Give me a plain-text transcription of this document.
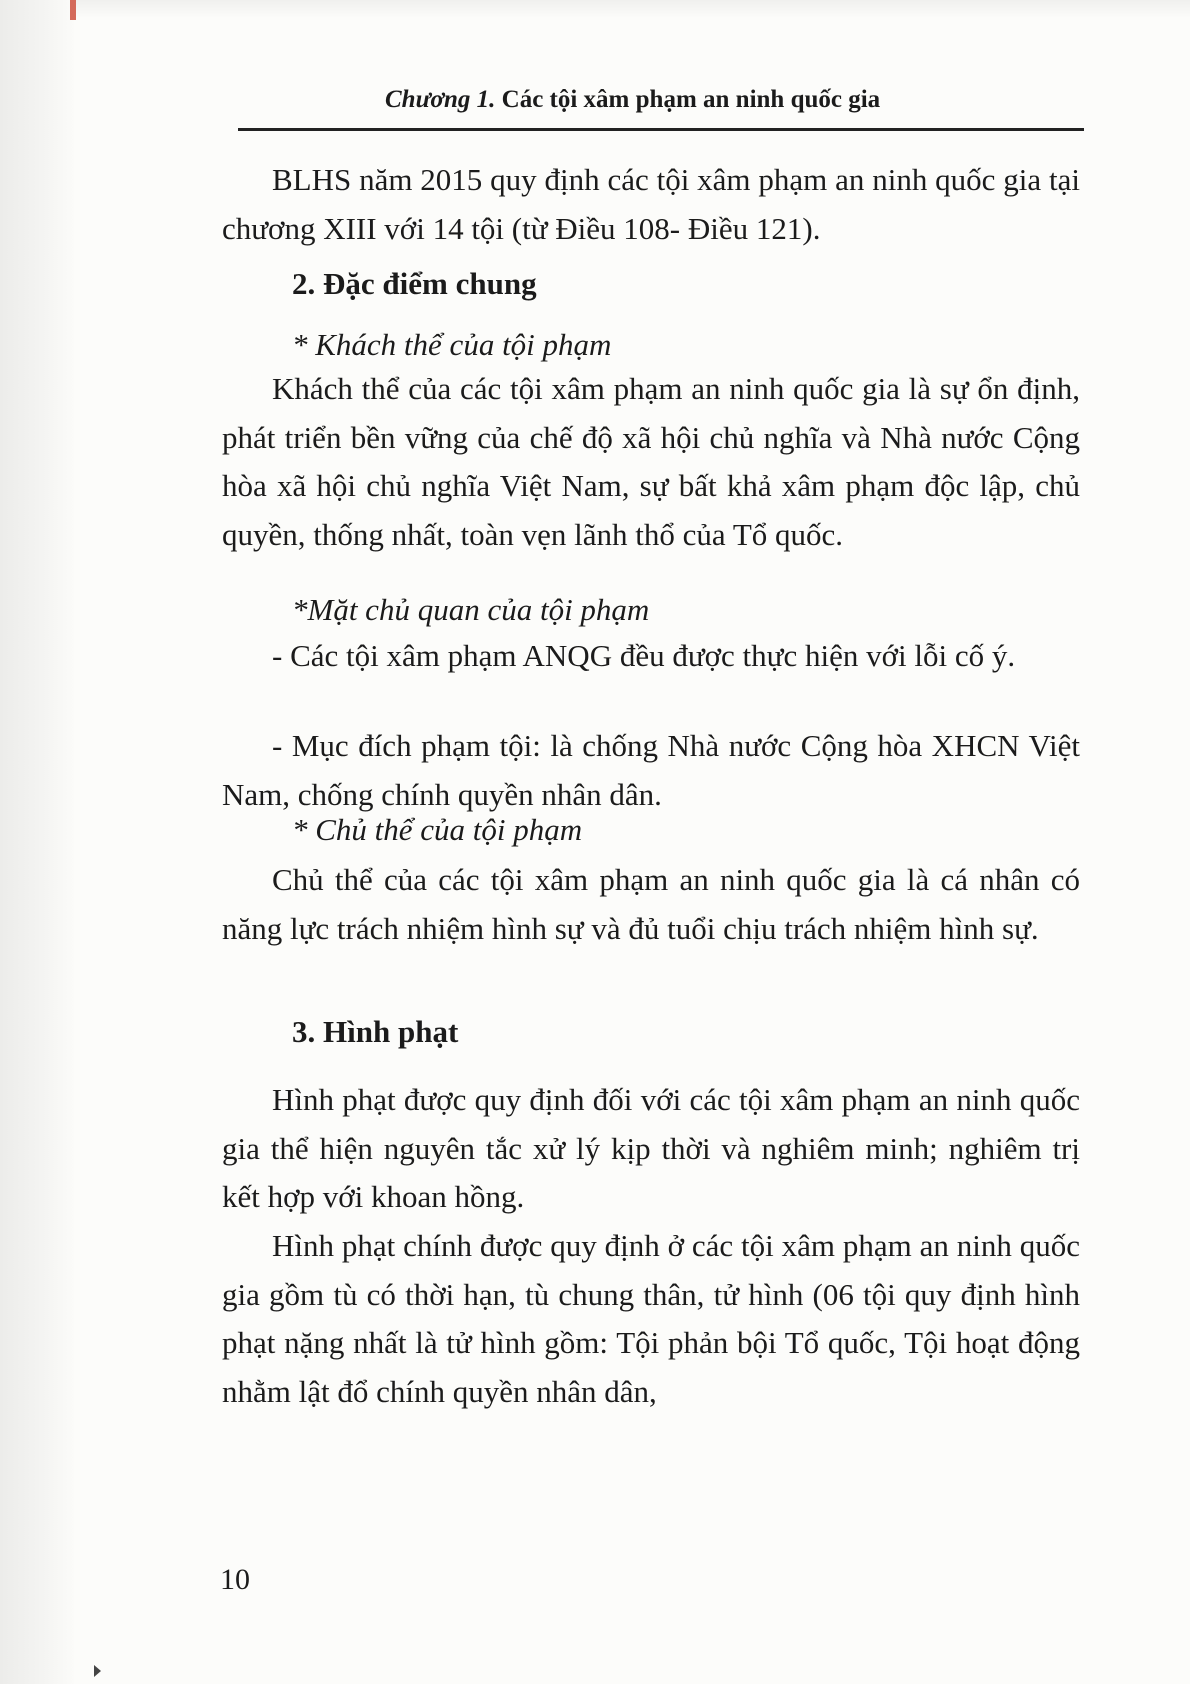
Chương 1. Các tội xâm phạm an ninh quốc gia

BLHS năm 2015 quy định các tội xâm phạm an ninh quốc gia tại chương XIII với 14 tội (từ Điều 108- Điều 121).

2. Đặc điểm chung
* Khách thể của tội phạm

Khách thể của các tội xâm phạm an ninh quốc gia là sự ổn định, phát triển bền vững của chế độ xã hội chủ nghĩa và Nhà nước Cộng hòa xã hội chủ nghĩa Việt Nam, sự bất khả xâm phạm độc lập, chủ quyền, thống nhất, toàn vẹn lãnh thổ của Tổ quốc.

*Mặt chủ quan của tội phạm

- Các tội xâm phạm ANQG đều được thực hiện với lỗi cố ý.

- Mục đích phạm tội: là chống Nhà nước Cộng hòa XHCN Việt Nam, chống chính quyền nhân dân.

* Chủ thể của tội phạm

Chủ thể của các tội xâm phạm an ninh quốc gia là cá nhân có năng lực trách nhiệm hình sự và đủ tuổi chịu trách nhiệm hình sự.

3. Hình phạt

Hình phạt được quy định đối với các tội xâm phạm an ninh quốc gia thể hiện nguyên tắc xử lý kịp thời và nghiêm minh; nghiêm trị kết hợp với khoan hồng.

Hình phạt chính được quy định ở các tội xâm phạm an ninh quốc gia gồm tù có thời hạn, tù chung thân, tử hình (06 tội quy định hình phạt nặng nhất là tử hình gồm: Tội phản bội Tổ quốc, Tội hoạt động nhằm lật đổ chính quyền nhân dân,

10
